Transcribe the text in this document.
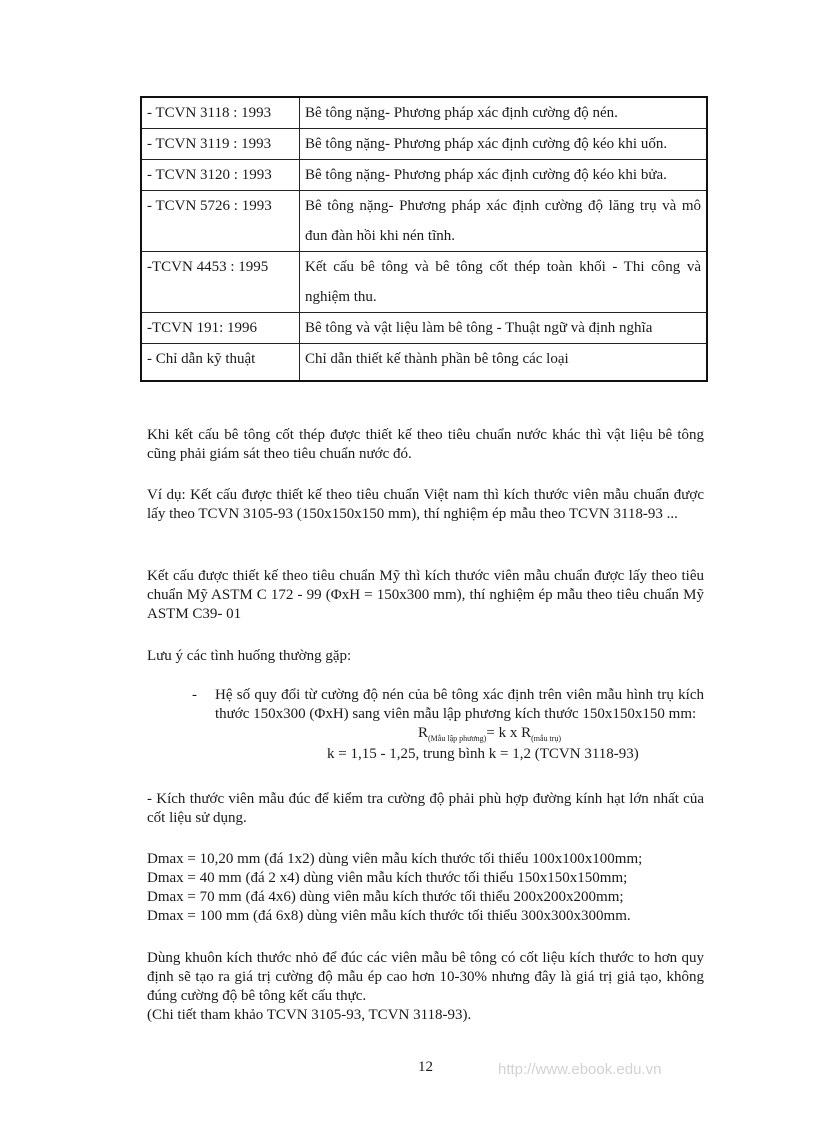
- TCVN 3118 : 1993	Bê tông nặng- Phương pháp xác định cường độ nén.
- TCVN 3119 : 1993	Bê tông nặng- Phương pháp xác định cường độ kéo khi uốn.
- TCVN 3120 : 1993	Bê tông nặng- Phương pháp xác định cường độ kéo khi bửa.
- TCVN 5726 : 1993	Bê tông nặng- Phương pháp xác định cường độ lăng trụ và mô đun đàn hồi khi nén tĩnh.
-TCVN 4453 : 1995	Kết cấu bê tông và bê tông cốt thép toàn khối - Thi công và nghiệm thu.
-TCVN 191: 1996	Bê tông và vật liệu làm bê tông - Thuật ngữ và định nghĩa
- Chỉ dẫn kỹ thuật	Chỉ dẫn thiết kế thành phần bê tông các loại

Khi kết cấu bê tông cốt thép được thiết kế theo tiêu chuẩn nước khác thì vật liệu bê tông cũng phải giám sát theo tiêu chuẩn nước đó.

Ví dụ: Kết cấu được thiết kế theo tiêu chuẩn Việt nam thì kích thước viên mẫu chuẩn được lấy theo TCVN 3105-93 (150x150x150 mm), thí nghiệm ép mẫu theo TCVN 3118-93 ...

Kết cấu được thiết kế theo tiêu chuẩn Mỹ thì kích thước viên mẫu chuẩn được lấy theo tiêu chuẩn Mỹ ASTM C 172 - 99 (ΦxH = 150x300 mm), thí nghiệm ép mẫu theo tiêu chuẩn Mỹ ASTM C39- 01

Lưu ý các tình huống thường gặp:

- Hệ số quy đổi từ cường độ nén của bê tông xác định trên viên mẫu hình trụ kích thước 150x300 (ΦxH) sang viên mẫu lập phương kích thước 150x150x150 mm:
$R_{(Mẫu lập phương)}= k$ x $R_{(mẫu trụ)}$
k = 1,15 - 1,25, trung bình k = 1,2 (TCVN 3118-93)

- Kích thước viên mẫu đúc để kiểm tra cường độ phải phù hợp đường kính hạt lớn nhất của cốt liệu sử dụng.

Dmax = 10,20 mm (đá 1x2) dùng viên mẫu kích thước tối thiểu 100x100x100mm;
Dmax = 40 mm (đá 2 x4) dùng viên mẫu kích thước tối thiểu 150x150x150mm;
Dmax = 70 mm (đá 4x6) dùng viên mẫu kích thước tối thiểu 200x200x200mm;
Dmax = 100 mm (đá 6x8) dùng viên mẫu kích thước tối thiểu 300x300x300mm.

Dùng khuôn kích thước nhỏ để đúc các viên mẫu bê tông có cốt liệu kích thước to hơn quy định sẽ tạo ra giá trị cường độ mẫu ép cao hơn 10-30% nhưng đây là giá trị giả tạo, không đúng cường độ bê tông kết cấu thực.

(Chi tiết tham khảo TCVN 3105-93, TCVN 3118-93).

12	http://www.ebook.edu.vn
